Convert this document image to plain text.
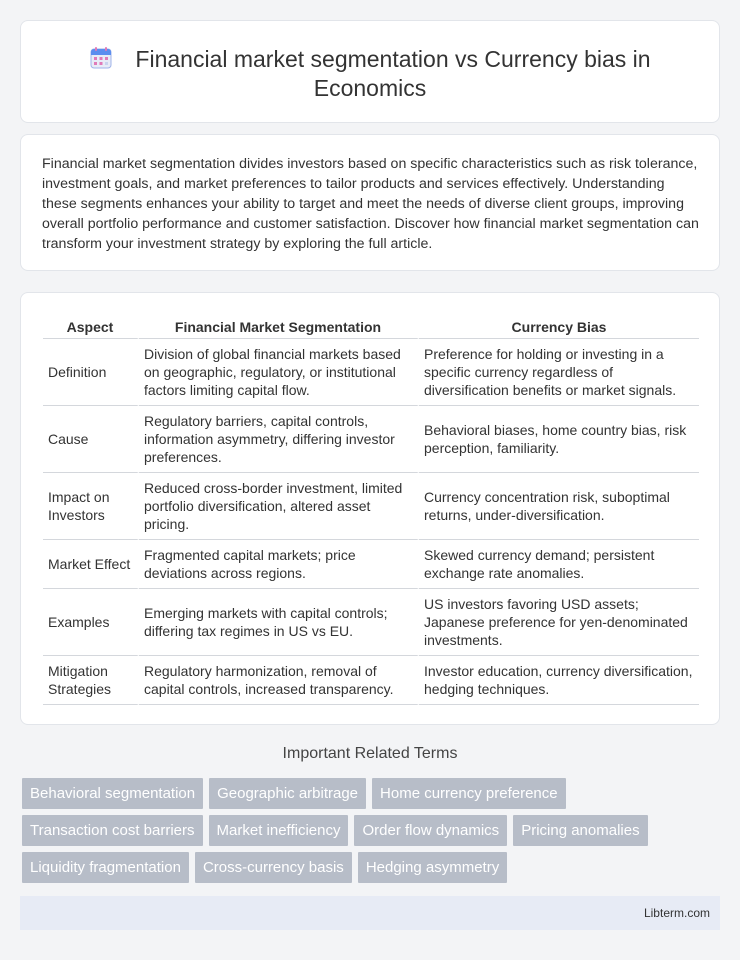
Financial market segmentation vs Currency bias in Economics

Financial market segmentation divides investors based on specific characteristics such as risk tolerance, investment goals, and market preferences to tailor products and services effectively. Understanding these segments enhances your ability to target and meet the needs of diverse client groups, improving overall portfolio performance and customer satisfaction. Discover how financial market segmentation can transform your investment strategy by exploring the full article.

Aspect	Financial Market Segmentation	Currency Bias
Definition	Division of global financial markets based on geographic, regulatory, or institutional factors limiting capital flow.	Preference for holding or investing in a specific currency regardless of diversification benefits or market signals.
Cause	Regulatory barriers, capital controls, information asymmetry, differing investor preferences.	Behavioral biases, home country bias, risk perception, familiarity.
Impact on Investors	Reduced cross-border investment, limited portfolio diversification, altered asset pricing.	Currency concentration risk, suboptimal returns, under-diversification.
Market Effect	Fragmented capital markets; price deviations across regions.	Skewed currency demand; persistent exchange rate anomalies.
Examples	Emerging markets with capital controls; differing tax regimes in US vs EU.	US investors favoring USD assets; Japanese preference for yen-denominated investments.
Mitigation Strategies	Regulatory harmonization, removal of capital controls, increased transparency.	Investor education, currency diversification, hedging techniques.
Important Related Terms
Behavioral segmentation	Geographic arbitrage	Home currency preference
Transaction cost barriers	Market inefficiency	Order flow dynamics	Pricing anomalies
Liquidity fragmentation	Cross-currency basis	Hedging asymmetry
Libterm.com
